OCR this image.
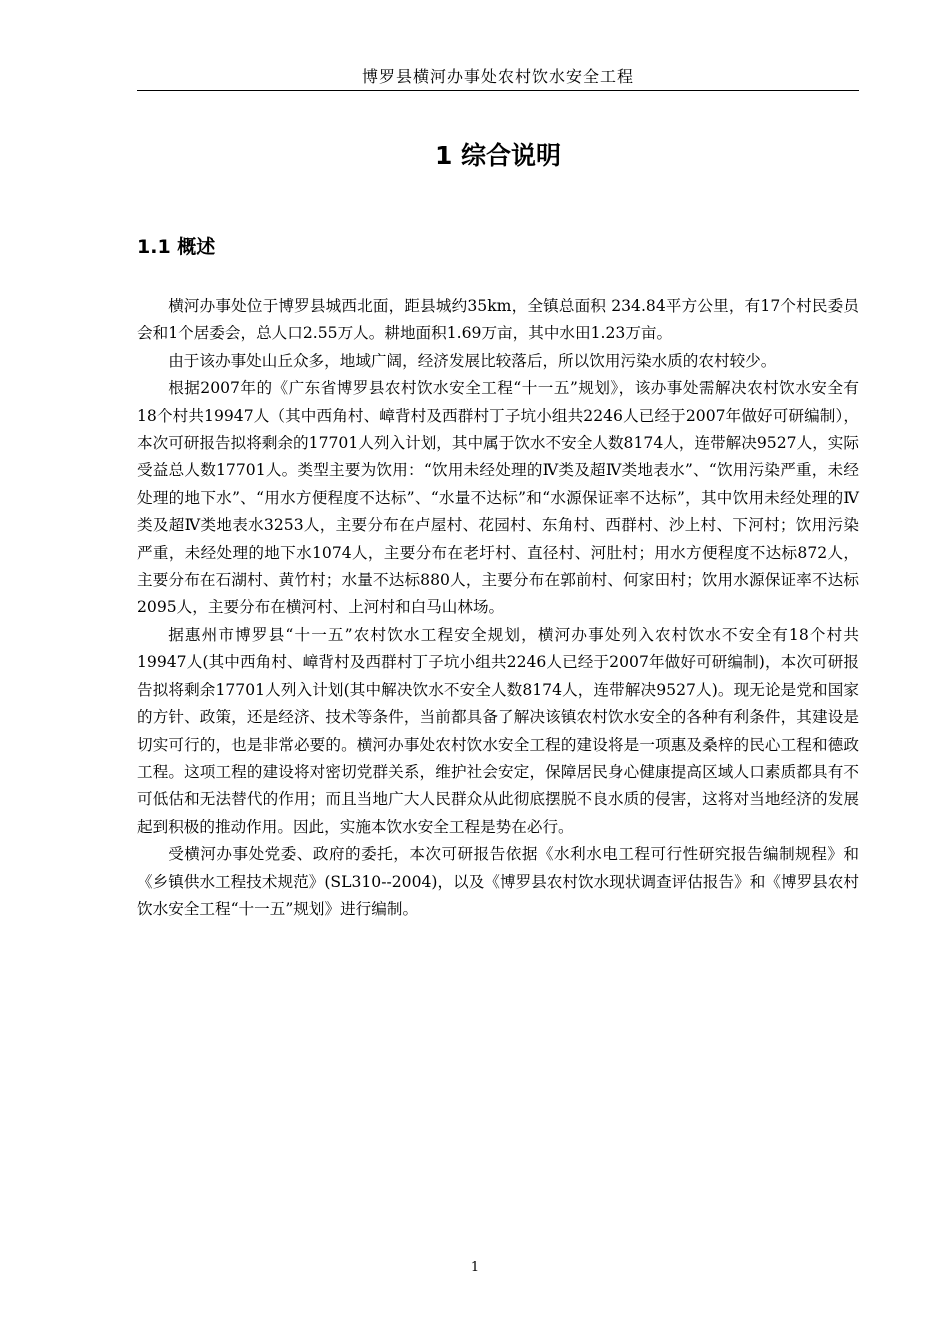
博罗县横河办事处农村饮水安全工程
1 综合说明
1.1 概述

横河办事处位于博罗县城西北面，距县城约35km，全镇总面积 234.84平方公里，有17个村民委员会和1个居委会，总人口2.55万人。耕地面积1.69万亩，其中水田1.23万亩。

由于该办事处山丘众多，地域广阔，经济发展比较落后，所以饮用污染水质的农村较少。

根据2007年的《广东省博罗县农村饮水安全工程“十一五”规划》，该办事处需解决农村饮水安全有18个村共19947人（其中西角村、嶂背村及西群村丁子坑小组共2246人已经于2007年做好可研编制），本次可研报告拟将剩余的17701人列入计划，其中属于饮水不安全人数8174人，连带解决9527人，实际受益总人数17701人。类型主要为饮用：“饮用未经处理的Ⅳ类及超Ⅳ类地表水”、“饮用污染严重，未经处理的地下水”、“用水方便程度不达标”、“水量不达标”和“水源保证率不达标”，其中饮用未经处理的Ⅳ类及超Ⅳ类地表水3253人，主要分布在卢屋村、花园村、东角村、西群村、沙上村、下河村；饮用污染严重，未经处理的地下水1074人，主要分布在老圩村、直径村、河肚村；用水方便程度不达标872人，主要分布在石湖村、黄竹村；水量不达标880人，主要分布在郭前村、何家田村；饮用水源保证率不达标2095人，主要分布在横河村、上河村和白马山林场。

据惠州市博罗县“十一五”农村饮水工程安全规划，横河办事处列入农村饮水不安全有18个村共19947人(其中西角村、嶂背村及西群村丁子坑小组共2246人已经于2007年做好可研编制)，本次可研报告拟将剩余17701人列入计划(其中解决饮水不安全人数8174人，连带解决9527人)。现无论是党和国家的方针、政策，还是经济、技术等条件，当前都具备了解决该镇农村饮水安全的各种有利条件，其建设是切实可行的，也是非常必要的。横河办事处农村饮水安全工程的建设将是一项惠及桑梓的民心工程和德政工程。这项工程的建设将对密切党群关系，维护社会安定，保障居民身心健康提高区域人口素质都具有不可低估和无法替代的作用；而且当地广大人民群众从此彻底摆脱不良水质的侵害，这将对当地经济的发展起到积极的推动作用。因此，实施本饮水安全工程是势在必行。

受横河办事处党委、政府的委托，本次可研报告依据《水利水电工程可行性研究报告编制规程》和《乡镇供水工程技术规范》(SL310--2004)，以及《博罗县农村饮水现状调查评估报告》和《博罗县农村饮水安全工程“十一五”规划》进行编制。

1
